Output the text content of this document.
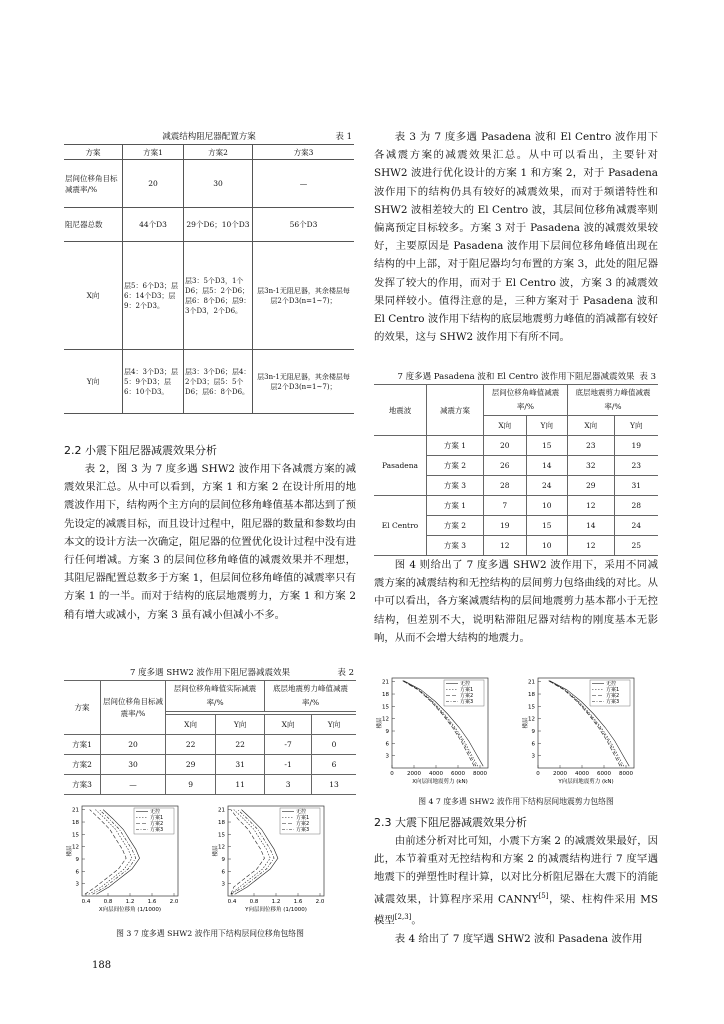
减震结构阻尼器配置方案	表 1
方案	方案1	方案2	方案3
层间位移角目标减震率/%	20	30	—
阻尼器总数	44个D3	29个D6；10个D3	56个D3
X向	层5：6个D3；层6：14个D3；层9：2个D3。	层3：5个D3，1个D6；层5：2个D6；层6：8个D6；层9：3个D3，2个D6。	层3n-1无阻尼器，其余楼层每层2个D3(n=1~7)；
Y向	层4：3个D3；层5：9个D3；层6：10个D3。	层3：3个D6；层4：2个D3；层5：5个D6；层6：8个D6。	层3n-1无阻尼器，其余楼层每层2个D3(n=1~7)；
2.2 小震下阻尼器减震效果分析

表 2，图 3 为 7 度多遇 SHW2 波作用下各减震方案的减震效果汇总。从中可以看到，方案 1 和方案 2 在设计所用的地震波作用下，结构两个主方向的层间位移角峰值基本都达到了预先设定的减震目标，而且设计过程中，阻尼器的数量和参数均由本文的设计方法一次确定，阻尼器的位置优化设计过程中没有进行任何增减。方案 3 的层间位移角峰值的减震效果并不理想，其阻尼器配置总数多于方案 1，但层间位移角峰值的减震率只有方案 1 的一半。而对于结构的底层地震剪力，方案 1 和方案 2 稍有增大或减小，方案 3 虽有减小但减小不多。

7 度多遇 SHW2 波作用下阻尼器减震效果	表 2
方案	层间位移角目标减震率/%	层间位移角峰值实际减震率/%		底层地震剪力峰值减震率/%	

		X向	Y向	X向	Y向
方案1	20	22	22	-7	0
方案2	30	29	31	-1	6
方案3	—	9	11	3	13
3
6
9
12
15
18
21
0.4 0.8 1.2 1.6 2.0
X向层间位移角 (1/1000)
楼层
无控
方案1
方案2
方案3
3
6
9
12
15
18
21
0.4 0.8 1.2 1.6 2.0
Y向层间位移角 (1/1000)
楼层
无控
方案1
方案2
方案3
图 3 7 度多遇 SHW2 波作用下结构层间位移角包络图

表 3 为 7 度多遇 Pasadena 波和 El Centro 波作用下各减震方案的减震效果汇总。从中可以看出，主要针对 SHW2 波进行优化设计的方案 1 和方案 2，对于 Pasadena 波作用下的结构仍具有较好的减震效果，而对于频谱特性和 SHW2 波相差较大的 El Centro 波，其层间位移角减震率则偏离预定目标较多。方案 3 对于 Pasadena 波的减震效果较好，主要原因是 Pasadena 波作用下层间位移角峰值出现在结构的中上部，对于阻尼器均匀布置的方案 3，此处的阻尼器发挥了较大的作用，而对于 El Centro 波，方案 3 的减震效果同样较小。值得注意的是，三种方案对于 Pasadena 波和 El Centro 波作用下结构的底层地震剪力峰值的消减都有较好的效果，这与 SHW2 波作用下有所不同。

7 度多遇 Pasadena 波和 El Centro 波作用下阻尼器减震效果 表 3
地震波	减震方案	层间位移角峰值减震率/%		底层地震剪力峰值减震率/%	
		X向	Y向	X向	Y向
Pasadena	方案 1	20	15	23	19
	方案 2	26	14	32	23
	方案 3	28	24	29	31
El Centro	方案 1	7	10	12	28
	方案 2	19	15	14	24
	方案 3	12	10	12	25

图 4 则给出了 7 度多遇 SHW2 波作用下，采用不同减震方案的减震结构和无控结构的层间剪力包络曲线的对比。从中可以看出，各方案减震结构的层间地震剪力基本都小于无控结构，但差别不大，说明粘滞阻尼器对结构的刚度基本无影响，从而不会增大结构的地震力。

3
6
9
12
15
18
21
0 2000 4000 6000 8000
X向层间地震剪力 (kN)
楼层
无控
方案1
方案2
方案3
3
6
9
12
15
18
21
0 2000 4000 6000 8000
Y向层间地震剪力 (kN)
楼层
无控
方案1
方案2
方案3
图 4 7 度多遇 SHW2 波作用下结构层间地震剪力包络图
2.3 大震下阻尼器减震效果分析

由前述分析对比可知，小震下方案 2 的减震效果最好，因此，本节着重对无控结构和方案 2 的减震结构进行 7 度罕遇地震下的弹塑性时程计算，以对比分析阻尼器在大震下的消能减震效果，计算程序采用 CANNY[5]，梁、柱构件采用 MS 模型[2,3]。

表 4 给出了 7 度罕遇 SHW2 波和 Pasadena 波作用

188
